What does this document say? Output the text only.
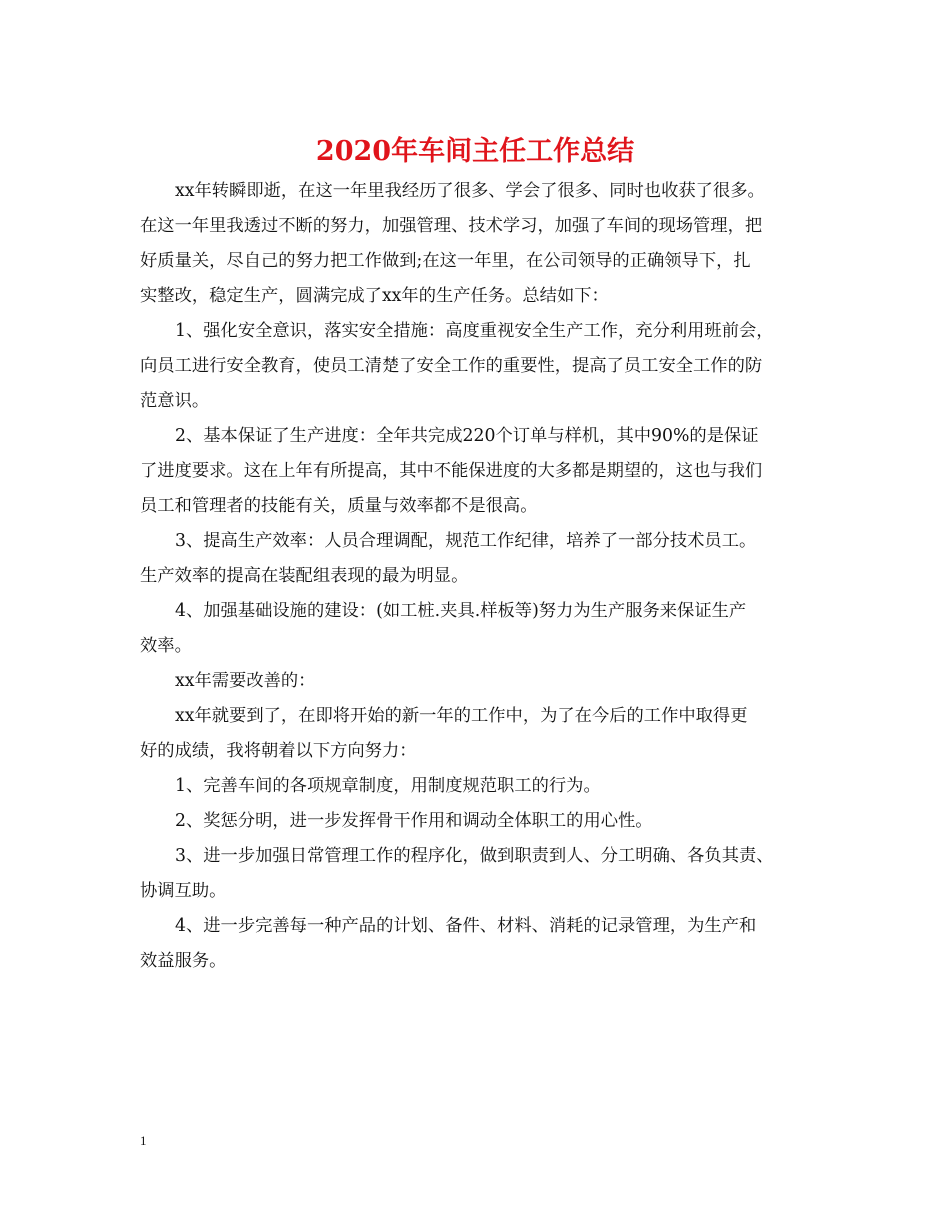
2020年车间主任工作总结

xx年转瞬即逝，在这一年里我经历了很多、学会了很多、同时也收获了很多。

在这一年里我透过不断的努力，加强管理、技术学习，加强了车间的现场管理，把

好质量关，尽自己的努力把工作做到;在这一年里，在公司领导的正确领导下，扎

实整改，稳定生产，圆满完成了xx年的生产任务。总结如下：

1、强化安全意识，落实安全措施：高度重视安全生产工作，充分利用班前会，

向员工进行安全教育，使员工清楚了安全工作的重要性，提高了员工安全工作的防

范意识。

2、基本保证了生产进度：全年共完成220个订单与样机，其中90%的是保证

了进度要求。这在上年有所提高，其中不能保进度的大多都是期望的，这也与我们

员工和管理者的技能有关，质量与效率都不是很高。

3、提高生产效率：人员合理调配，规范工作纪律，培养了一部分技术员工。

生产效率的提高在装配组表现的最为明显。

4、加强基础设施的建设：(如工桩.夹具.样板等)努力为生产服务来保证生产

效率。

xx年需要改善的：

xx年就要到了，在即将开始的新一年的工作中，为了在今后的工作中取得更

好的成绩，我将朝着以下方向努力：

1、完善车间的各项规章制度，用制度规范职工的行为。

2、奖惩分明，进一步发挥骨干作用和调动全体职工的用心性。

3、进一步加强日常管理工作的程序化，做到职责到人、分工明确、各负其责、

协调互助。

4、进一步完善每一种产品的计划、备件、材料、消耗的记录管理，为生产和

效益服务。

1
